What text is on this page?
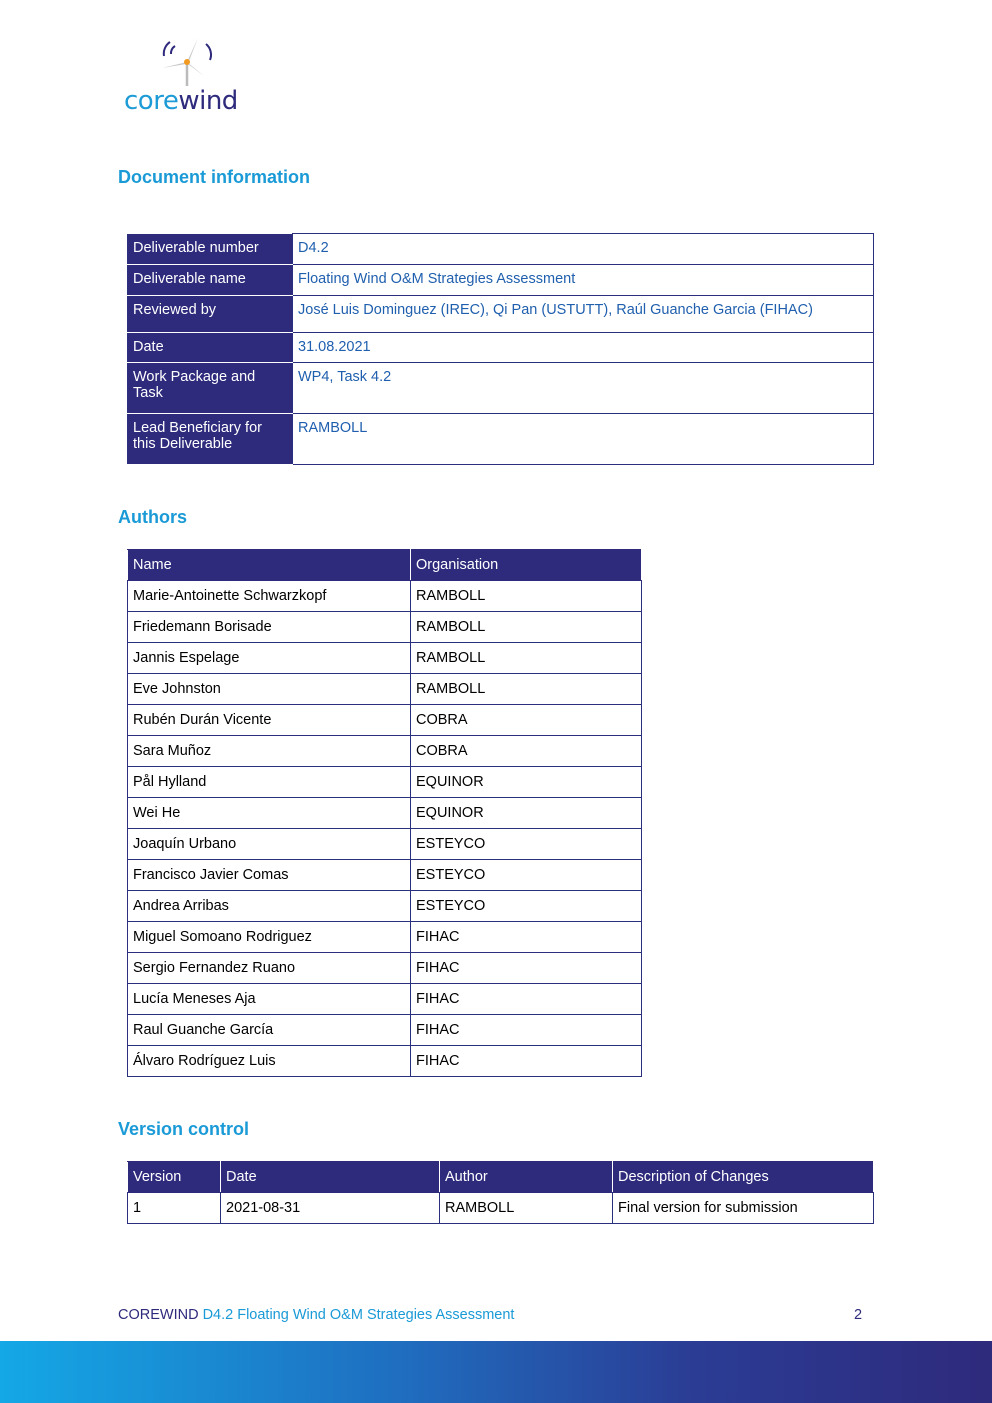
corewind
Document information
Deliverable number	D4.2
Deliverable name	Floating Wind O&M Strategies Assessment
Reviewed by	José Luis Dominguez (IREC), Qi Pan (USTUTT), Raúl Guanche Garcia (FIHAC)
Date	31.08.2021
Work Package and Task	WP4, Task 4.2
Lead Beneficiary for this Deliverable	RAMBOLL
Authors
Name	Organisation
Marie-Antoinette Schwarzkopf	RAMBOLL
Friedemann Borisade	RAMBOLL
Jannis Espelage	RAMBOLL
Eve Johnston	RAMBOLL
Rubén Durán Vicente	COBRA
Sara Muñoz	COBRA
Pål Hylland	EQUINOR
Wei He	EQUINOR
Joaquín Urbano	ESTEYCO
Francisco Javier Comas	ESTEYCO
Andrea Arribas	ESTEYCO
Miguel Somoano Rodriguez	FIHAC
Sergio Fernandez Ruano	FIHAC
Lucía Meneses Aja	FIHAC
Raul Guanche García	FIHAC
Álvaro Rodríguez Luis	FIHAC
Version control
Version	Date	Author	Description of Changes
1	2021-08-31	RAMBOLL	Final version for submission
COREWIND D4.2 Floating Wind O&M Strategies Assessment	2
